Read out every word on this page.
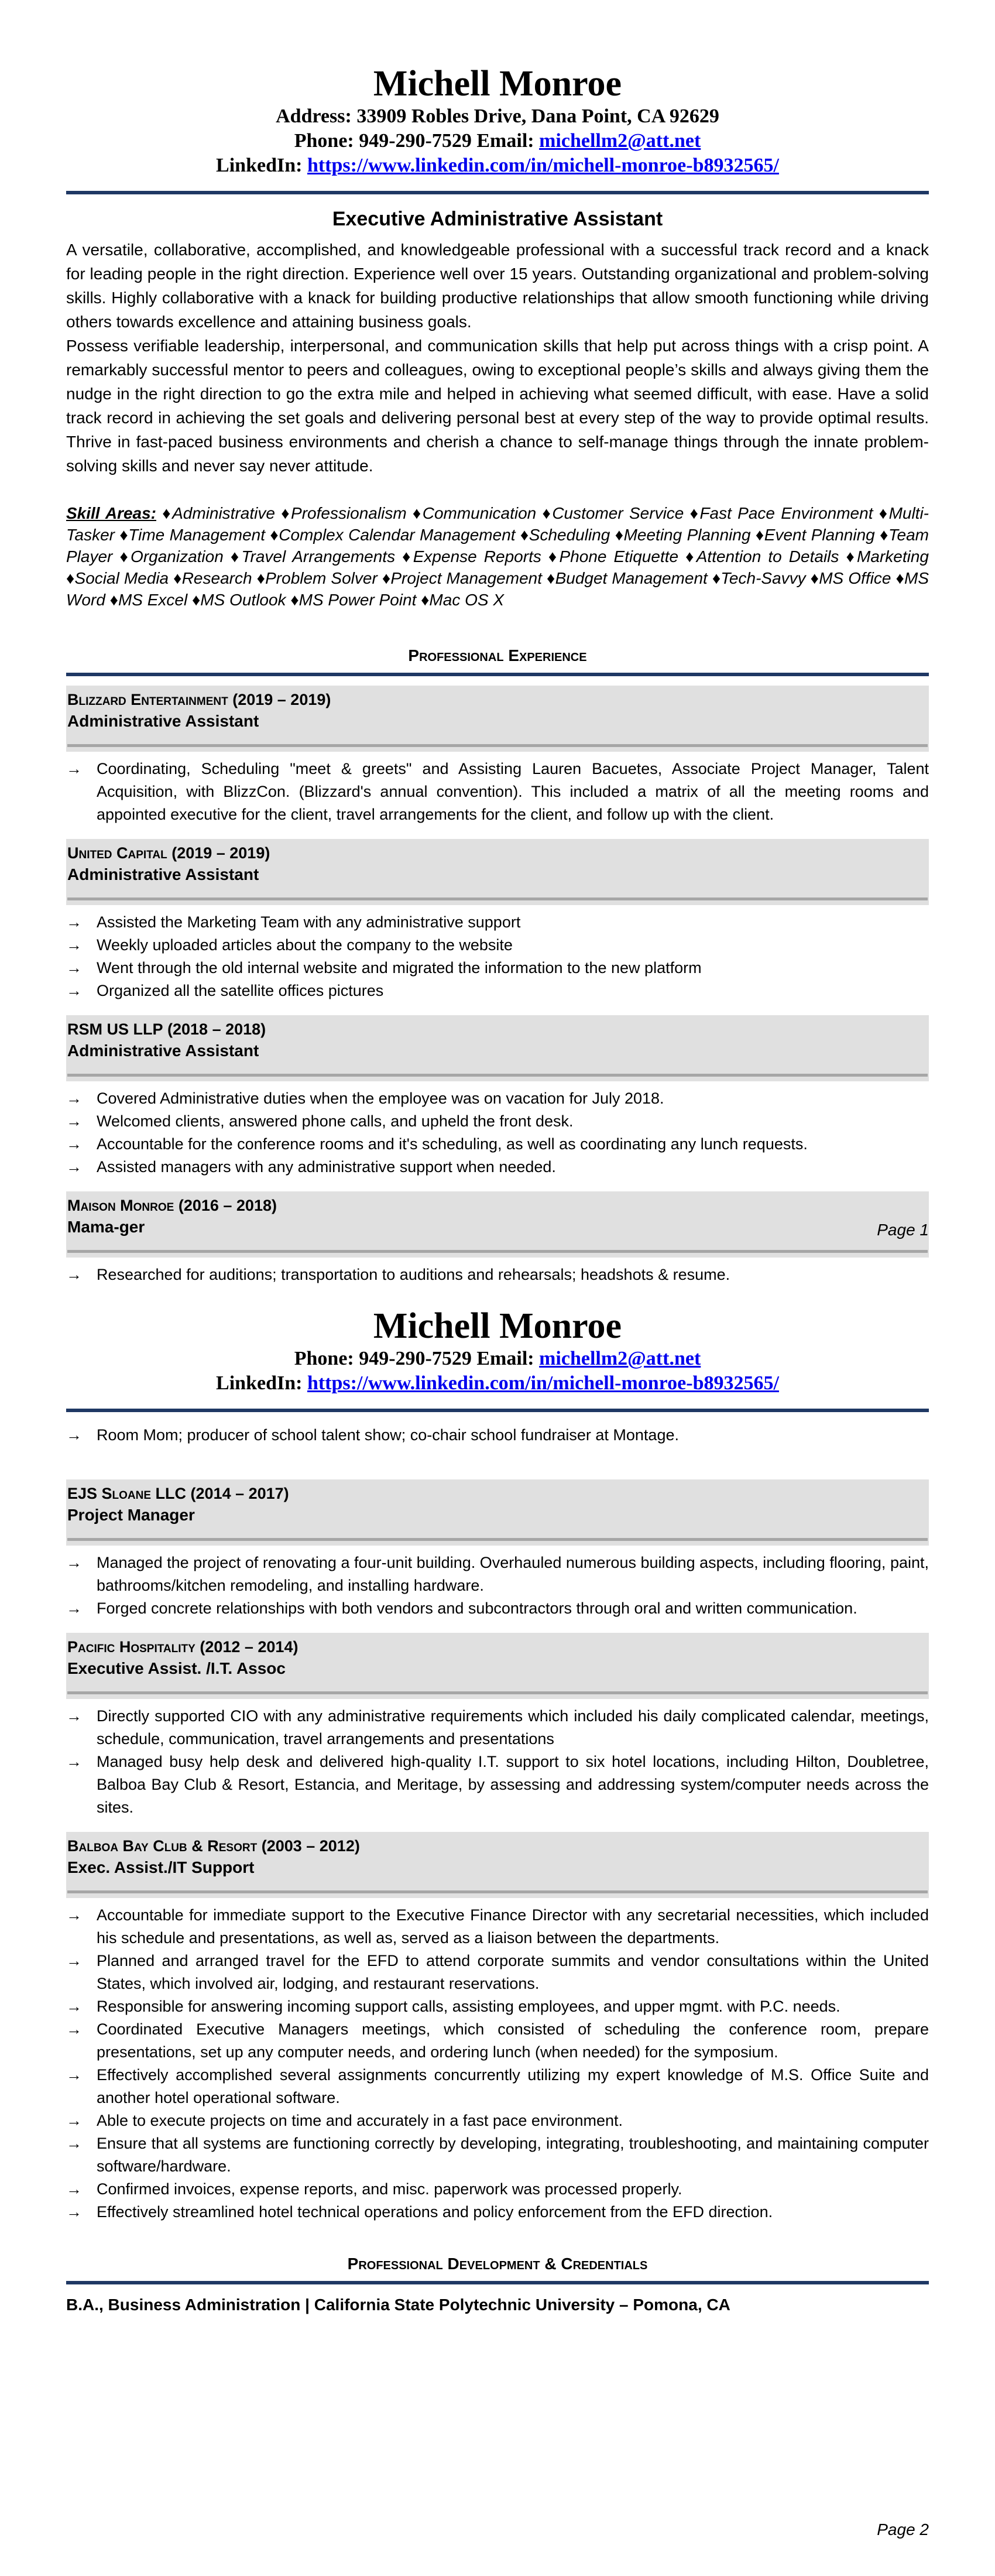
Michell Monroe
Address: 33909 Robles Drive, Dana Point, CA 92629
Phone: 949-290-7529 Email: michellm2@att.net
LinkedIn: https://www.linkedin.com/in/michell-monroe-b8932565/
Executive Administrative Assistant

A versatile, collaborative, accomplished, and knowledgeable professional with a successful track record and a knack for leading people in the right direction. Experience well over 15 years. Outstanding organizational and problem-solving skills. Highly collaborative with a knack for building productive relationships that allow smooth functioning while driving others towards excellence and attaining business goals.

Possess verifiable leadership, interpersonal, and communication skills that help put across things with a crisp point. A remarkably successful mentor to peers and colleagues, owing to exceptional people’s skills and always giving them the nudge in the right direction to go the extra mile and helped in achieving what seemed difficult, with ease. Have a solid track record in achieving the set goals and delivering personal best at every step of the way to provide optimal results. Thrive in fast-paced business environments and cherish a chance to self-manage things through the innate problem-solving skills and never say never attitude.

Skill Areas: ♦Administrative ♦Professionalism ♦Communication ♦Customer Service ♦Fast Pace Environment ♦Multi-Tasker ♦Time Management ♦Complex Calendar Management ♦Scheduling ♦Meeting Planning ♦Event Planning ♦Team Player ♦Organization ♦Travel Arrangements ♦Expense Reports ♦Phone Etiquette ♦Attention to Details ♦Marketing ♦Social Media ♦Research ♦Problem Solver ♦Project Management ♦Budget Management ♦Tech-Savvy ♦MS Office ♦MS Word ♦MS Excel ♦MS Outlook ♦MS Power Point ♦Mac OS X
Professional Experience
Blizzard Entertainment (2019 – 2019)
Administrative Assistant
→ Coordinating, Scheduling "meet & greets" and Assisting Lauren Bacuetes, Associate Project Manager, Talent Acquisition, with BlizzCon. (Blizzard's annual convention). This included a matrix of all the meeting rooms and appointed executive for the client, travel arrangements for the client, and follow up with the client.
United Capital (2019 – 2019)
Administrative Assistant
→ Assisted the Marketing Team with any administrative support
→ Weekly uploaded articles about the company to the website
→ Went through the old internal website and migrated the information to the new platform
→ Organized all the satellite offices pictures
RSM US LLP (2018 – 2018)
Administrative Assistant
→ Covered Administrative duties when the employee was on vacation for July 2018.
→ Welcomed clients, answered phone calls, and upheld the front desk.
→ Accountable for the conference rooms and it's scheduling, as well as coordinating any lunch requests.
→ Assisted managers with any administrative support when needed.
Maison Monroe (2016 – 2018)
Mama-ger
→ Researched for auditions; transportation to auditions and rehearsals; headshots & resume.
Page 1
Michell Monroe
Phone: 949-290-7529 Email: michellm2@att.net
LinkedIn: https://www.linkedin.com/in/michell-monroe-b8932565/
→ Room Mom; producer of school talent show; co-chair school fundraiser at Montage.
EJS Sloane LLC (2014 – 2017)
Project Manager
→ Managed the project of renovating a four-unit building. Overhauled numerous building aspects, including flooring, paint, bathrooms/kitchen remodeling, and installing hardware.
→ Forged concrete relationships with both vendors and subcontractors through oral and written communication.
Pacific Hospitality (2012 – 2014)
Executive Assist. /I.T. Assoc
→ Directly supported CIO with any administrative requirements which included his daily complicated calendar, meetings, schedule, communication, travel arrangements and presentations
→ Managed busy help desk and delivered high-quality I.T. support to six hotel locations, including Hilton, Doubletree, Balboa Bay Club & Resort, Estancia, and Meritage, by assessing and addressing system/computer needs across the sites.
Balboa Bay Club & Resort (2003 – 2012)
Exec. Assist./IT Support
→ Accountable for immediate support to the Executive Finance Director with any secretarial necessities, which included his schedule and presentations, as well as, served as a liaison between the departments.
→ Planned and arranged travel for the EFD to attend corporate summits and vendor consultations within the United States, which involved air, lodging, and restaurant reservations.
→ Responsible for answering incoming support calls, assisting employees, and upper mgmt. with P.C. needs.
→ Coordinated Executive Managers meetings, which consisted of scheduling the conference room, prepare presentations, set up any computer needs, and ordering lunch (when needed) for the symposium.
→ Effectively accomplished several assignments concurrently utilizing my expert knowledge of M.S. Office Suite and another hotel operational software.
→ Able to execute projects on time and accurately in a fast pace environment.
→ Ensure that all systems are functioning correctly by developing, integrating, troubleshooting, and maintaining computer software/hardware.
→ Confirmed invoices, expense reports, and misc. paperwork was processed properly.
→ Effectively streamlined hotel technical operations and policy enforcement from the EFD direction.
Professional Development & Credentials
B.A., Business Administration | California State Polytechnic University – Pomona, CA
Page 2
